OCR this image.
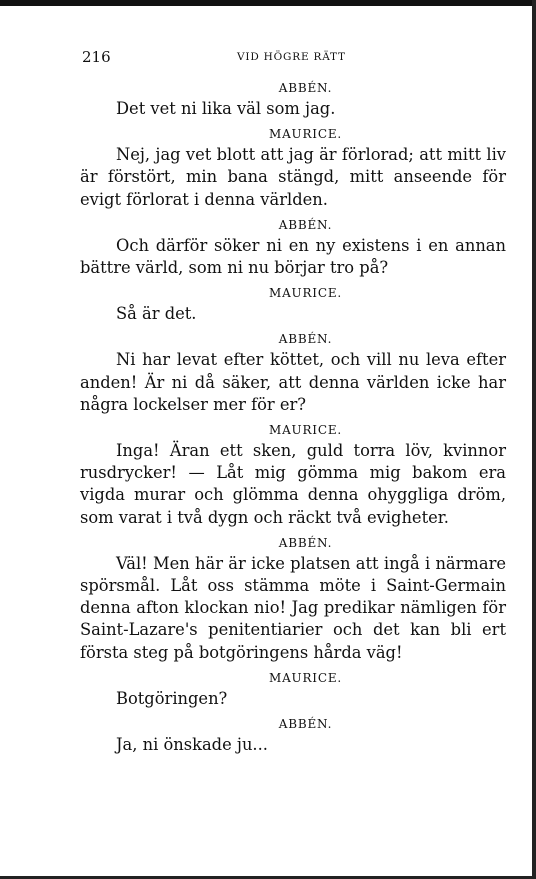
216	VID HÖGRE RÄTT
ABBÉN.

Det vet ni lika väl som jag.

MAURICE.

Nej, jag vet blott att jag är förlorad; att mitt liv är förstört, min bana stängd, mitt anseende för evigt förlorat i denna världen.

ABBÉN.

Och därför söker ni en ny existens i en annan bättre värld, som ni nu börjar tro på?

MAURICE.

Så är det.

ABBÉN.

Ni har levat efter köttet, och vill nu leva efter anden! Är ni då säker, att denna världen icke har några lockelser mer för er?

MAURICE.

Inga! Äran ett sken, guld torra löv, kvinnor rusdrycker! — Låt mig gömma mig bakom era vigda murar och glömma denna ohyggliga dröm, som varat i två dygn och räckt två evigheter.

ABBÉN.

Väl! Men här är icke platsen att ingå i närmare spörsmål. Låt oss stämma möte i Saint-Germain denna afton klockan nio! Jag predikar nämligen för Saint-Lazare's penitentiarier och det kan bli ert första steg på botgöringens hårda väg!

MAURICE.

Botgöringen?

ABBÉN.

Ja, ni önskade ju...
